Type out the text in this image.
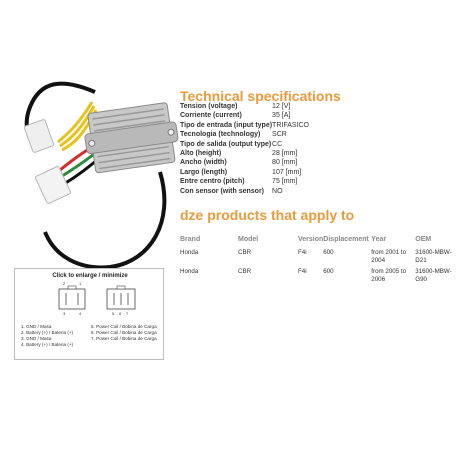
Technical specifications
Tension (voltage)	12 [V]
Corriente (current)	35 [A]
Tipo de entrada (input type)	TRIFASICO
Tecnologia (technology)	SCR
Tipo de salida (output type)	CC
Alto (height)	28 [mm]
Ancho (width)	80 [mm]
Largo (length)	107 [mm]
Entre centro (pitch)	75 [mm]
Con sensor (with sensor)	NO
dze products that apply to
Brand	Model	Version	Displacement	Year	OEM
Honda	CBR	F4i	600	from 2001 to 2004	31600-MBW-D21
Honda	CBR	F4i	600	from 2005 to 2006	31600-MBW-G90
Click to enlarge / minimize
2	1
3	4	5 6 7
1. GND / Masa
2. Battery (+) / Bateria (+)
3. GND / Masa
4. Battery (+) / Bateria (+)
5. Power Coil / Bobina de Carga
6. Power Coil / Bobina de Carga
7. Power Coil / Bobina de Carga
